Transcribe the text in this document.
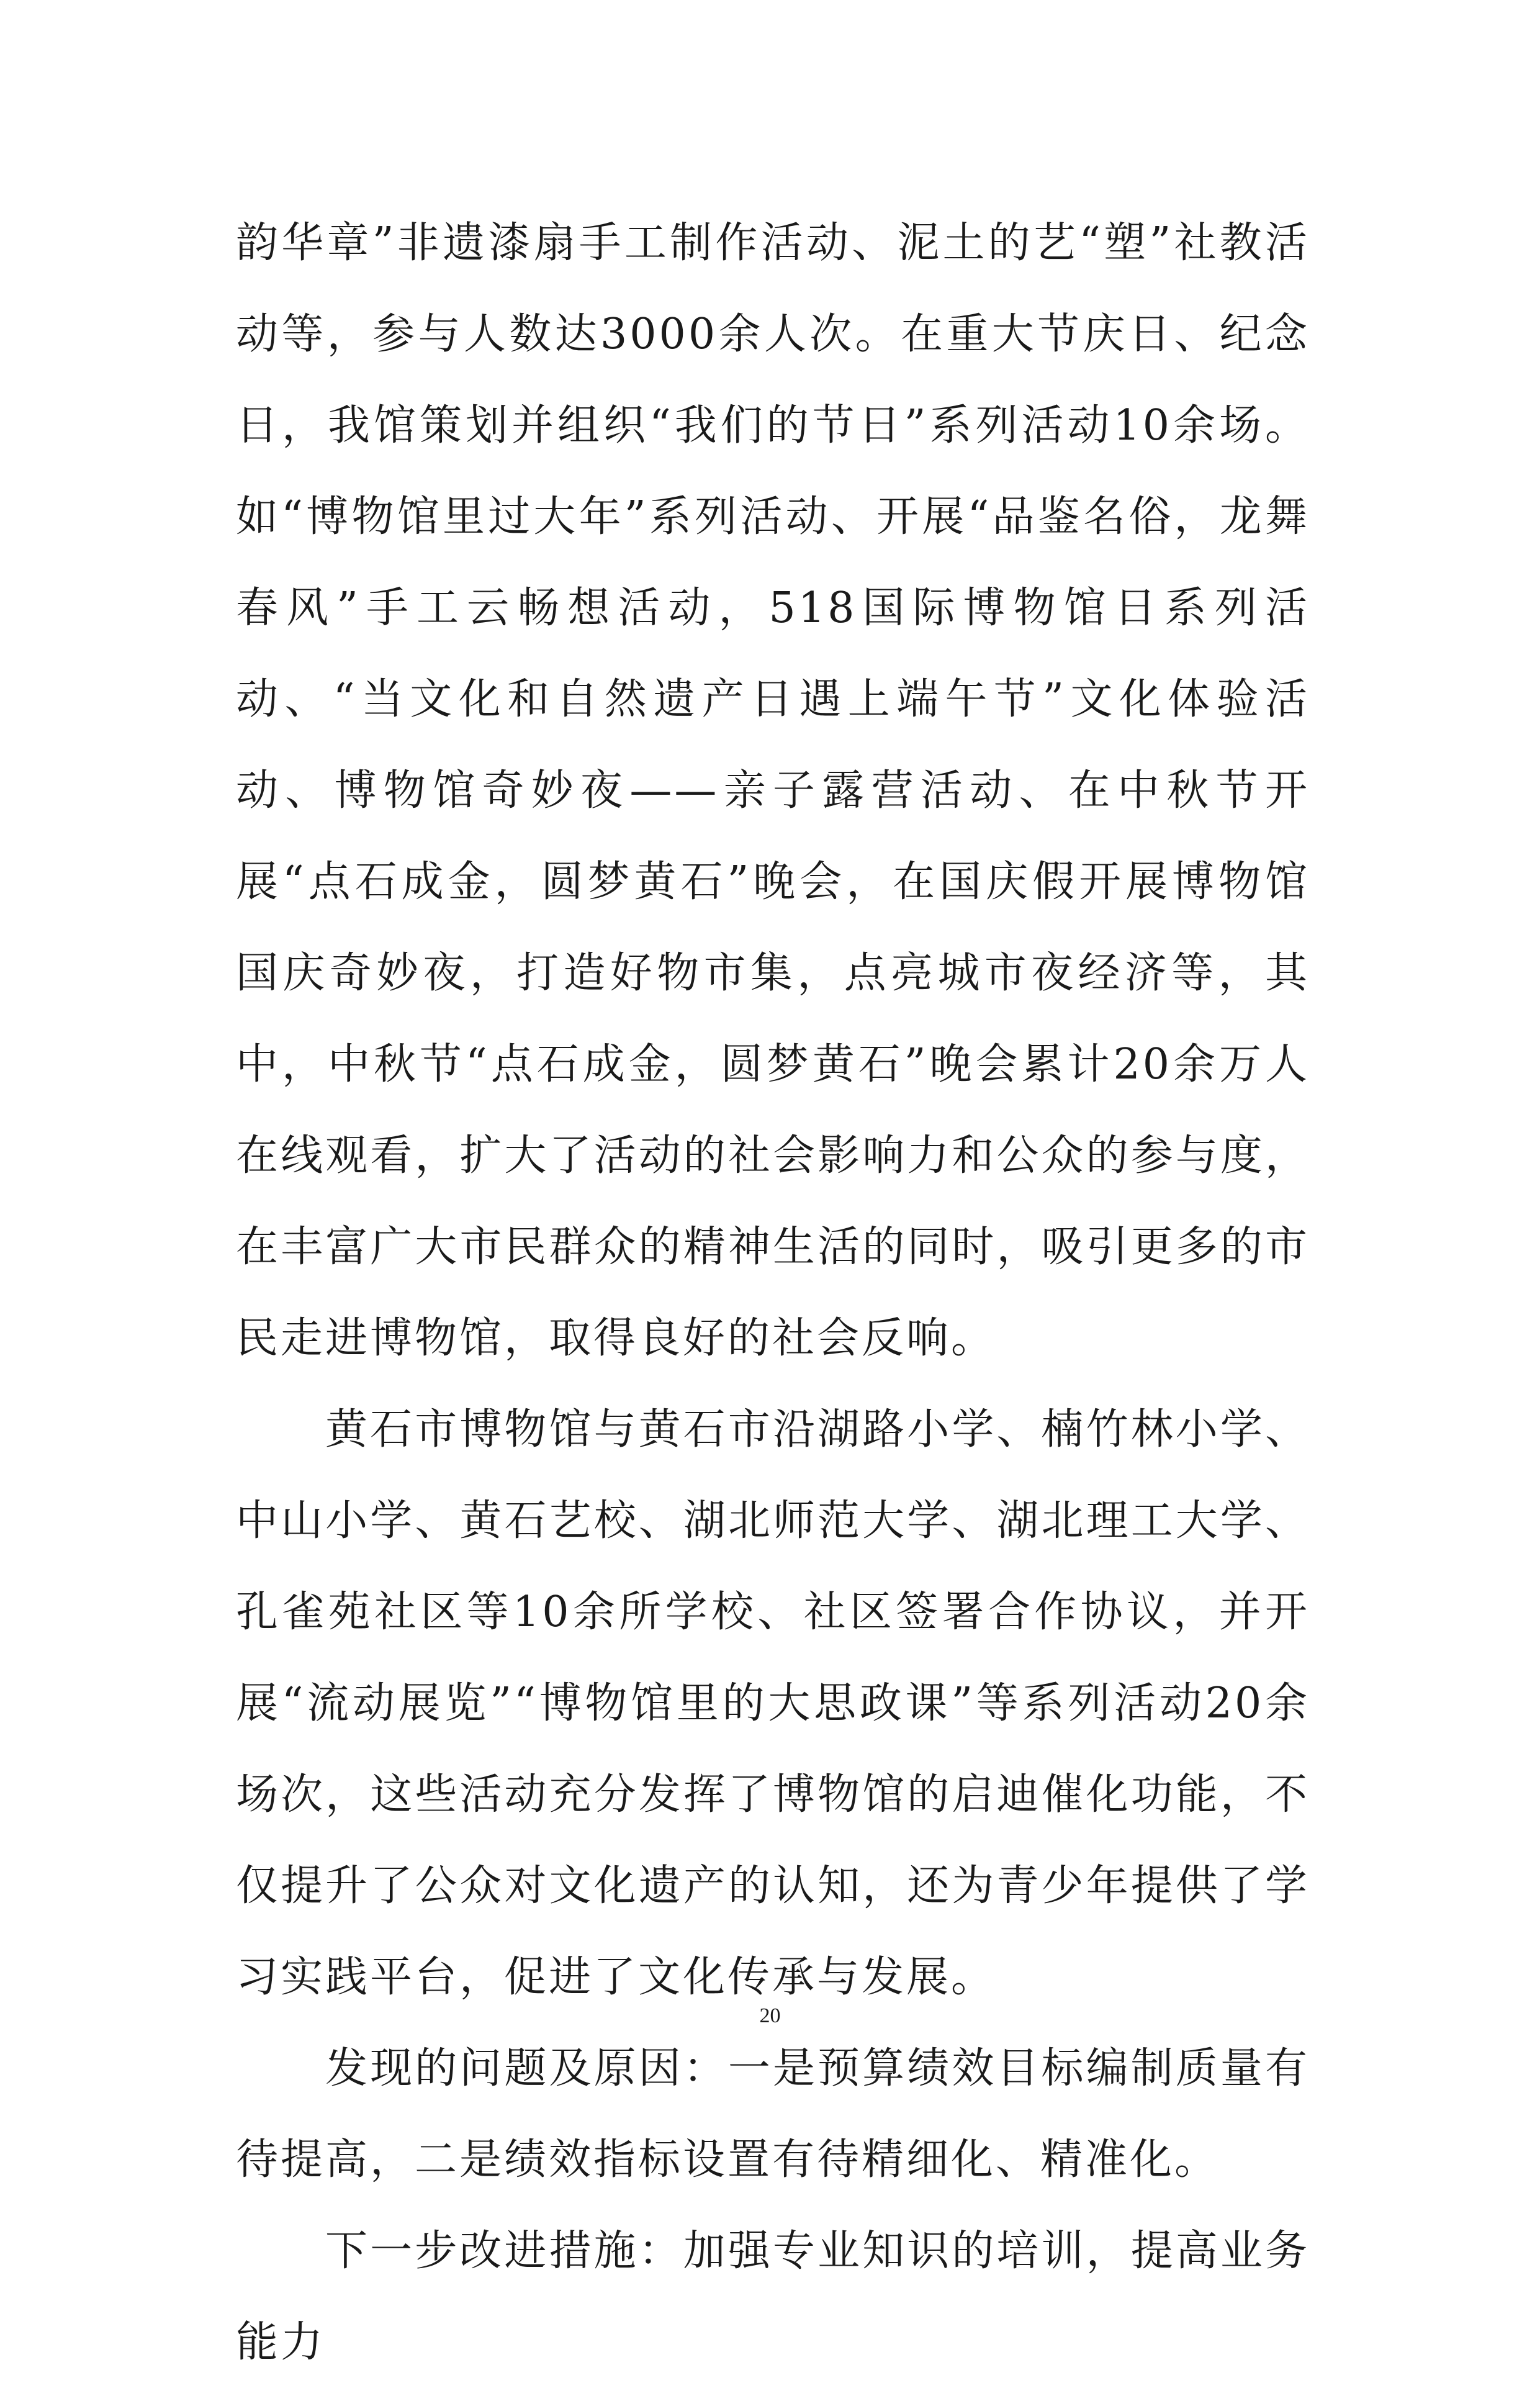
韵华章”非遗漆扇手工制作活动、泥土的艺“塑”社教活动等，参与人数达3000余人次。在重大节庆日、纪念日，我馆策划并组织“我们的节日”系列活动10余场。如“博物馆里过大年”系列活动、开展“品鉴名俗，龙舞春风”手工云畅想活动，518国际博物馆日系列活动、“当文化和自然遗产日遇上端午节”文化体验活动、博物馆奇妙夜——亲子露营活动、在中秋节开展“点石成金，圆梦黄石”晚会，在国庆假开展博物馆国庆奇妙夜，打造好物市集，点亮城市夜经济等，其中，中秋节“点石成金，圆梦黄石”晚会累计20余万人在线观看，扩大了活动的社会影响力和公众的参与度，在丰富广大市民群众的精神生活的同时，吸引更多的市民走进博物馆，取得良好的社会反响。

黄石市博物馆与黄石市沿湖路小学、楠竹林小学、中山小学、黄石艺校、湖北师范大学、湖北理工大学、孔雀苑社区等10余所学校、社区签署合作协议，并开展“流动展览”“博物馆里的大思政课”等系列活动20余场次，这些活动充分发挥了博物馆的启迪催化功能，不仅提升了公众对文化遗产的认知，还为青少年提供了学习实践平台，促进了文化传承与发展。

发现的问题及原因：一是预算绩效目标编制质量有待提高，二是绩效指标设置有待精细化、精准化。

下一步改进措施：加强专业知识的培训，提高业务能力

20
